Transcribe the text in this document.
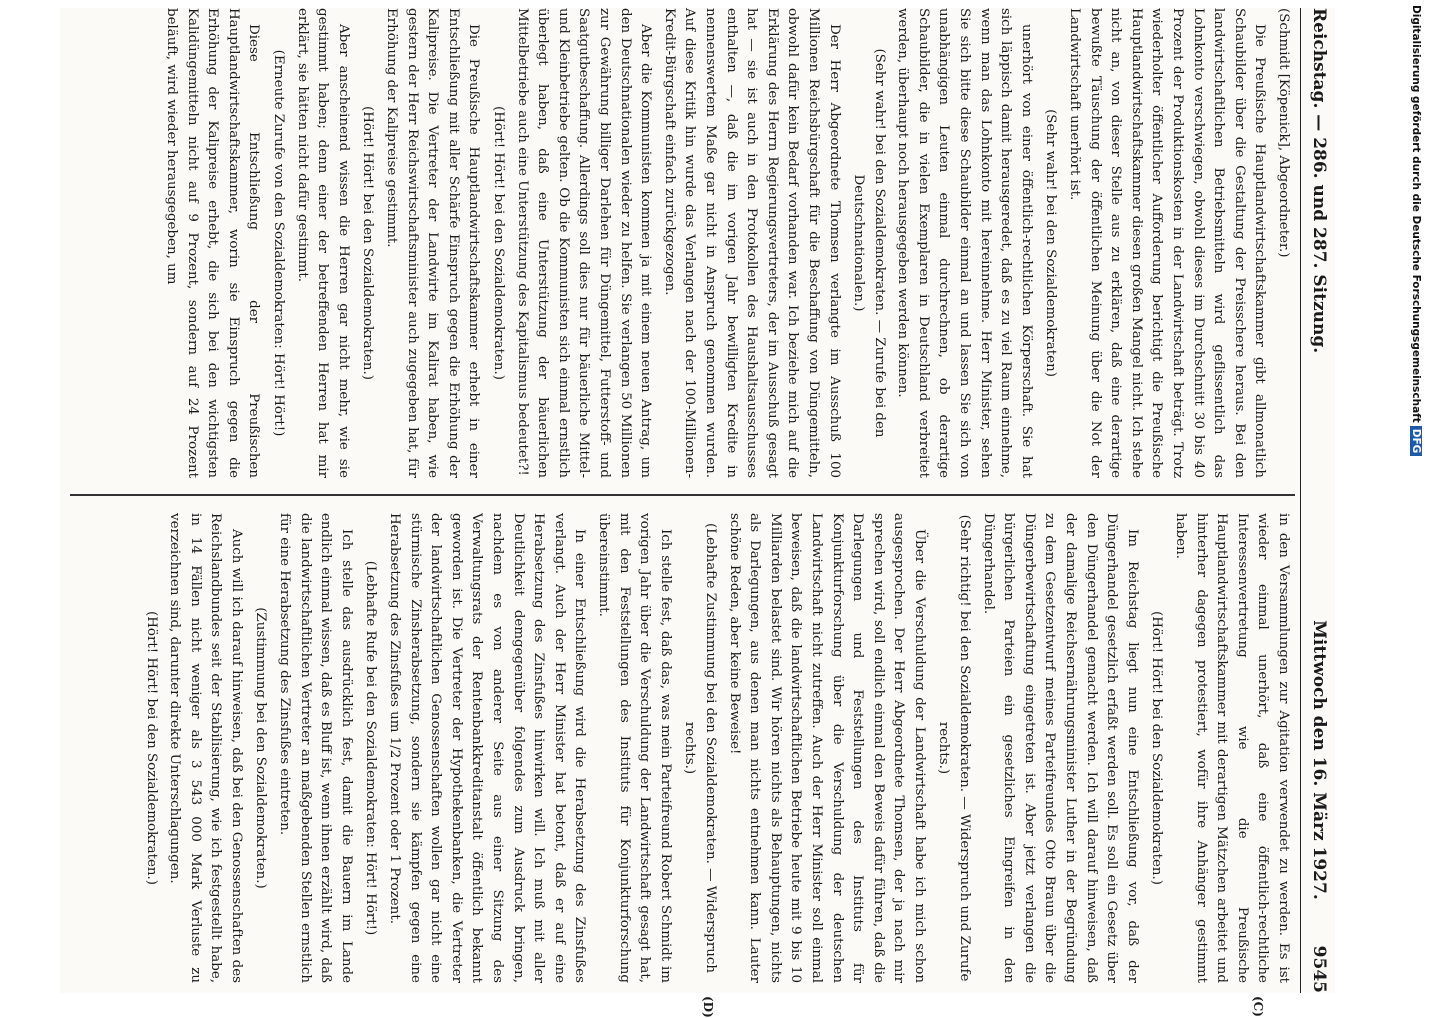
Reichstag. — 286. und 287. Sitzung.
Mittwoch den 16. März 1927. 9545

(Schmidt [Köpenick], Abgeordneter.)

Die Preußische Hauptlandwirtschaftskammer gibt allmonatlich Schaubilder über die Gestaltung der Preisschere heraus. Bei den landwirtschaftlichen Betriebsmitteln wird geflissentlich das Lohnkonto verschwiegen, obwohl dieses im Durchschnitt 30 bis 40 Prozent der Produktionskosten in der Landwirtschaft beträgt. Trotz wiederholter öffentlicher Aufforderung berichtigt die Preußische Hauptlandwirtschaftskammer diesen großen Mangel nicht. Ich stehe nicht an, von dieser Stelle aus zu erklären, daß eine derartige bewußte Täuschung der öffentlichen Meinung über die Not der Landwirtschaft unerhört ist.

(Sehr wahr! bei den Sozialdemokraten)

unerhört von einer öffentlich-rechtlichen Körperschaft. Sie hat sich läppisch damit herausgeredet, daß es zu viel Raum einnehme, wenn man das Lohnkonto mit hereinnehme. Herr Minister, sehen Sie sich bitte diese Schaubilder einmal an und lassen Sie sich von unabhängigen Leuten einmal durchrechnen, ob derartige Schaubilder, die in vielen Exemplaren in Deutschland verbreitet werden, überhaupt noch herausgegeben werden können.

(Sehr wahr! bei den Sozialdemokraten. — Zurufe bei den Deutschnationalen.)

Der Herr Abgeordnete Thomsen verlangte im Ausschuß 100 Millionen Reichsbürgschaft für die Beschaffung von Düngemitteln, obwohl dafür kein Bedarf vorhanden war. Ich beziehe mich auf die Erklärung des Herrn Regierungsvertreters, der im Ausschuß gesagt hat — sie ist auch in den Protokollen des Haushaltsausschusses enthalten —, daß die im vorigen Jahr bewilligten Kredite in nennenswertem Maße gar nicht in Anspruch genommen wurden. Auf diese Kritik hin wurde das Verlangen nach der 100-Millionen-Kredit-Bürgschaft einfach zurückgezogen.

Aber die Kommunisten kommen ja mit einem neuen Antrag, um den Deutschnationalen wieder zu helfen. Sie verlangen 50 Millionen zur Gewährung billiger Darlehen für Düngemittel, Futterstoff- und Saatgutbeschaffung. Allerdings soll dies nur für bäuerliche Mittel- und Kleinbetriebe gelten. Ob die Kommunisten sich einmal ernstlich überlegt haben, daß eine Unterstützung der bäuerlichen Mittelbetriebe auch eine Unterstützung des Kapitalismus bedeutet?!

(Hört! Hört! bei den Sozialdemokraten.)

Die Preußische Hauptlandwirtschaftskammer erhebt in einer Entschließung mit aller Schärfe Einspruch gegen die Erhöhung der Kalipreise. Die Vertreter der Landwirte im Kalirat haben, wie gestern der Herr Reichswirtschaftsminister auch zugegeben hat, für Erhöhung der Kalipreise gestimmt.

(Hört! Hört! bei den Sozialdemokraten.)

Aber anscheinend wissen die Herren gar nicht mehr, wie sie gestimmt haben; denn einer der betreffenden Herren hat mir erklärt, sie hätten nicht dafür gestimmt.

(Erneute Zurufe von den Sozialdemokraten: Hört! Hört!)

Diese Entschließung der Preußischen Hauptlandwirtschaftskammer, worin sie Einspruch gegen die Erhöhung der Kalipreise erhebt, die sich bei den wichtigsten Kalidüngemitteln nicht auf 9 Prozent, sondern auf 24 Prozent beläuft, wird wieder herausgegeben, um

in den Versammlungen zur Agitation verwendet zu werden. Es ist wieder einmal unerhört, daß eine öffentlich-rechtliche Interessenvertretung wie die Preußische Hauptlandwirtschaftskammer mit derartigen Mätzchen arbeitet und hinterher dagegen protestiert, wofür ihre Anhänger gestimmt haben.

(Hört! Hört! bei den Sozialdemokraten.)

Im Reichstag liegt nun eine Entschließung vor, daß der Düngerhandel gesetzlich erfaßt werden soll. Es soll ein Gesetz über den Düngerhandel gemacht werden. Ich will darauf hinweisen, daß der damalige Reichsernährungsminister Luther in der Begründung zu dem Gesetzentwurf meines Parteifreundes Otto Braun über die Düngerbewirtschaftung eingetreten ist. Aber jetzt verlangen die bürgerlichen Parteien ein gesetzliches Eingreifen in den Düngerhandel.

(Sehr richtig! bei den Sozialdemokraten. — Widerspruch und Zurufe rechts.)

Über die Verschuldung der Landwirtschaft habe ich mich schon ausgesprochen. Der Herr Abgeordnete Thomsen, der ja nach mir sprechen wird, soll endlich einmal den Beweis dafür führen, daß die Darlegungen und Feststellungen des Instituts für Konjunkturforschung über die Verschuldung der deutschen Landwirtschaft nicht zutreffen. Auch der Herr Minister soll einmal beweisen, daß die landwirtschaftlichen Betriebe heute mit 9 bis 10 Milliarden belastet sind. Wir hören nichts als Behauptungen, nichts als Darlegungen, aus denen man nichts entnehmen kann. Lauter schöne Reden, aber keine Beweise!

(Lebhafte Zustimmung bei den Sozialdemokraten. — Widerspruch rechts.)

Ich stelle fest, daß das, was mein Parteifreund Robert Schmidt im vorigen Jahr über die Verschuldung der Landwirtschaft gesagt hat, mit den Feststellungen des Instituts für Konjunkturforschung übereinstimmt.

In einer Entschließung wird die Herabsetzung des Zinsfußes verlangt. Auch der Herr Minister hat betont, daß er auf eine Herabsetzung des Zinsfußes hinwirken will. Ich muß mit aller Deutlichkeit demgegenüber folgendes zum Ausdruck bringen, nachdem es von anderer Seite aus einer Sitzung des Verwaltungsrats der Rentenbankkreditanstalt öffentlich bekannt geworden ist. Die Vertreter der Hypothekenbanken, die Vertreter der landwirtschaftlichen Genossenschaften wollen gar nicht eine stürmische Zinsherabsetzung, sondern sie kämpfen gegen eine Herabsetzung des Zinsfußes um 1/2 Prozent oder 1 Prozent.

(Lebhafte Rufe bei den Sozialdemokraten: Hört! Hört!)

Ich stelle das ausdrücklich fest, damit die Bauern im Lande endlich einmal wissen, daß es Bluff ist, wenn ihnen erzählt wird, daß die landwirtschaftlichen Vertreter an maßgebenden Stellen ernstlich für eine Herabsetzung des Zinsfußes eintreten.

(Zustimmung bei den Sozialdemokraten.)

Auch will ich darauf hinweisen, daß bei den Genossenschaften des Reichslandbundes seit der Stabilisierung, wie ich festgestellt habe, in 14 Fällen nicht weniger als 3 543 000 Mark Verluste zu verzeichnen sind, darunter direkte Unterschlagungen.

(Hört! Hört! bei den Sozialdemokraten.)

(C)
(D)
Digitalisierung gefördert durch die Deutsche ForschungsgemeinschaftDFG
